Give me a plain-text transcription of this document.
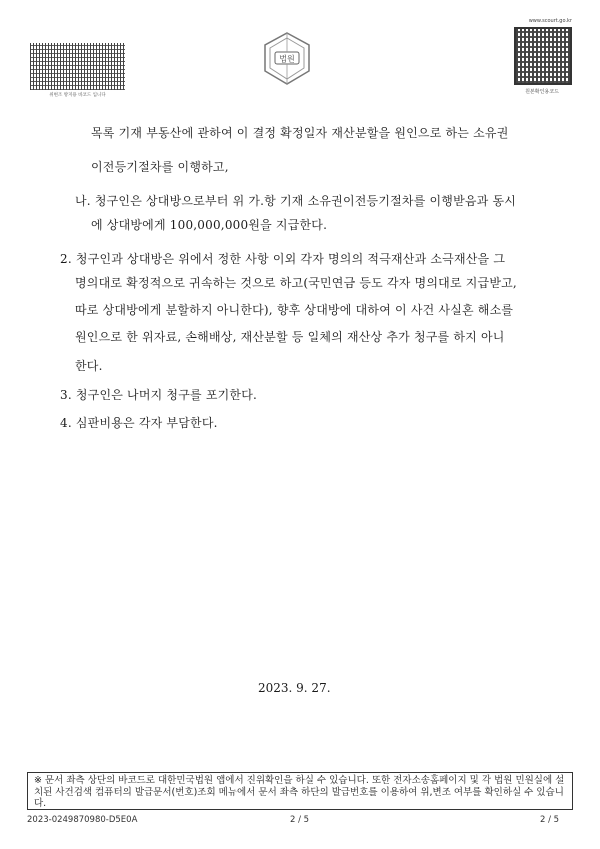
위변조 방지용 바코드 입니다
법원
www.scourt.go.kr
원본확인용코드
목록 기재 부동산에 관하여 이 결정 확정일자 재산분할을 원인으로 하는 소유권
이전등기절차를 이행하고,
나. 청구인은 상대방으로부터 위 가.항 기재 소유권이전등기절차를 이행받음과 동시
에 상대방에게 100,000,000원을 지급한다.
2. 청구인과 상대방은 위에서 정한 사항 이외 각자 명의의 적극재산과 소극재산을 그
명의대로 확정적으로 귀속하는 것으로 하고(국민연금 등도 각자 명의대로 지급받고,
따로 상대방에게 분할하지 아니한다), 향후 상대방에 대하여 이 사건 사실혼 해소를
원인으로 한 위자료, 손해배상, 재산분할 등 일체의 재산상 추가 청구를 하지 아니
한다.
3. 청구인은 나머지 청구를 포기한다.
4. 심판비용은 각자 부담한다.
2023. 9. 27.
※ 문서 좌측 상단의 바코드로 대한민국법원 앱에서 진위확인을 하실 수 있습니다. 또한 전자소송홈페이지 및 각 법원 민원실에 설치된 사건검색 컴퓨터의 발급문서(번호)조회 메뉴에서 문서 좌측 하단의 발급번호를 이용하여 위,변조 여부를 확인하실 수 있습니다.
2023-0249870980-D5E0A	2 / 5	2 / 5
